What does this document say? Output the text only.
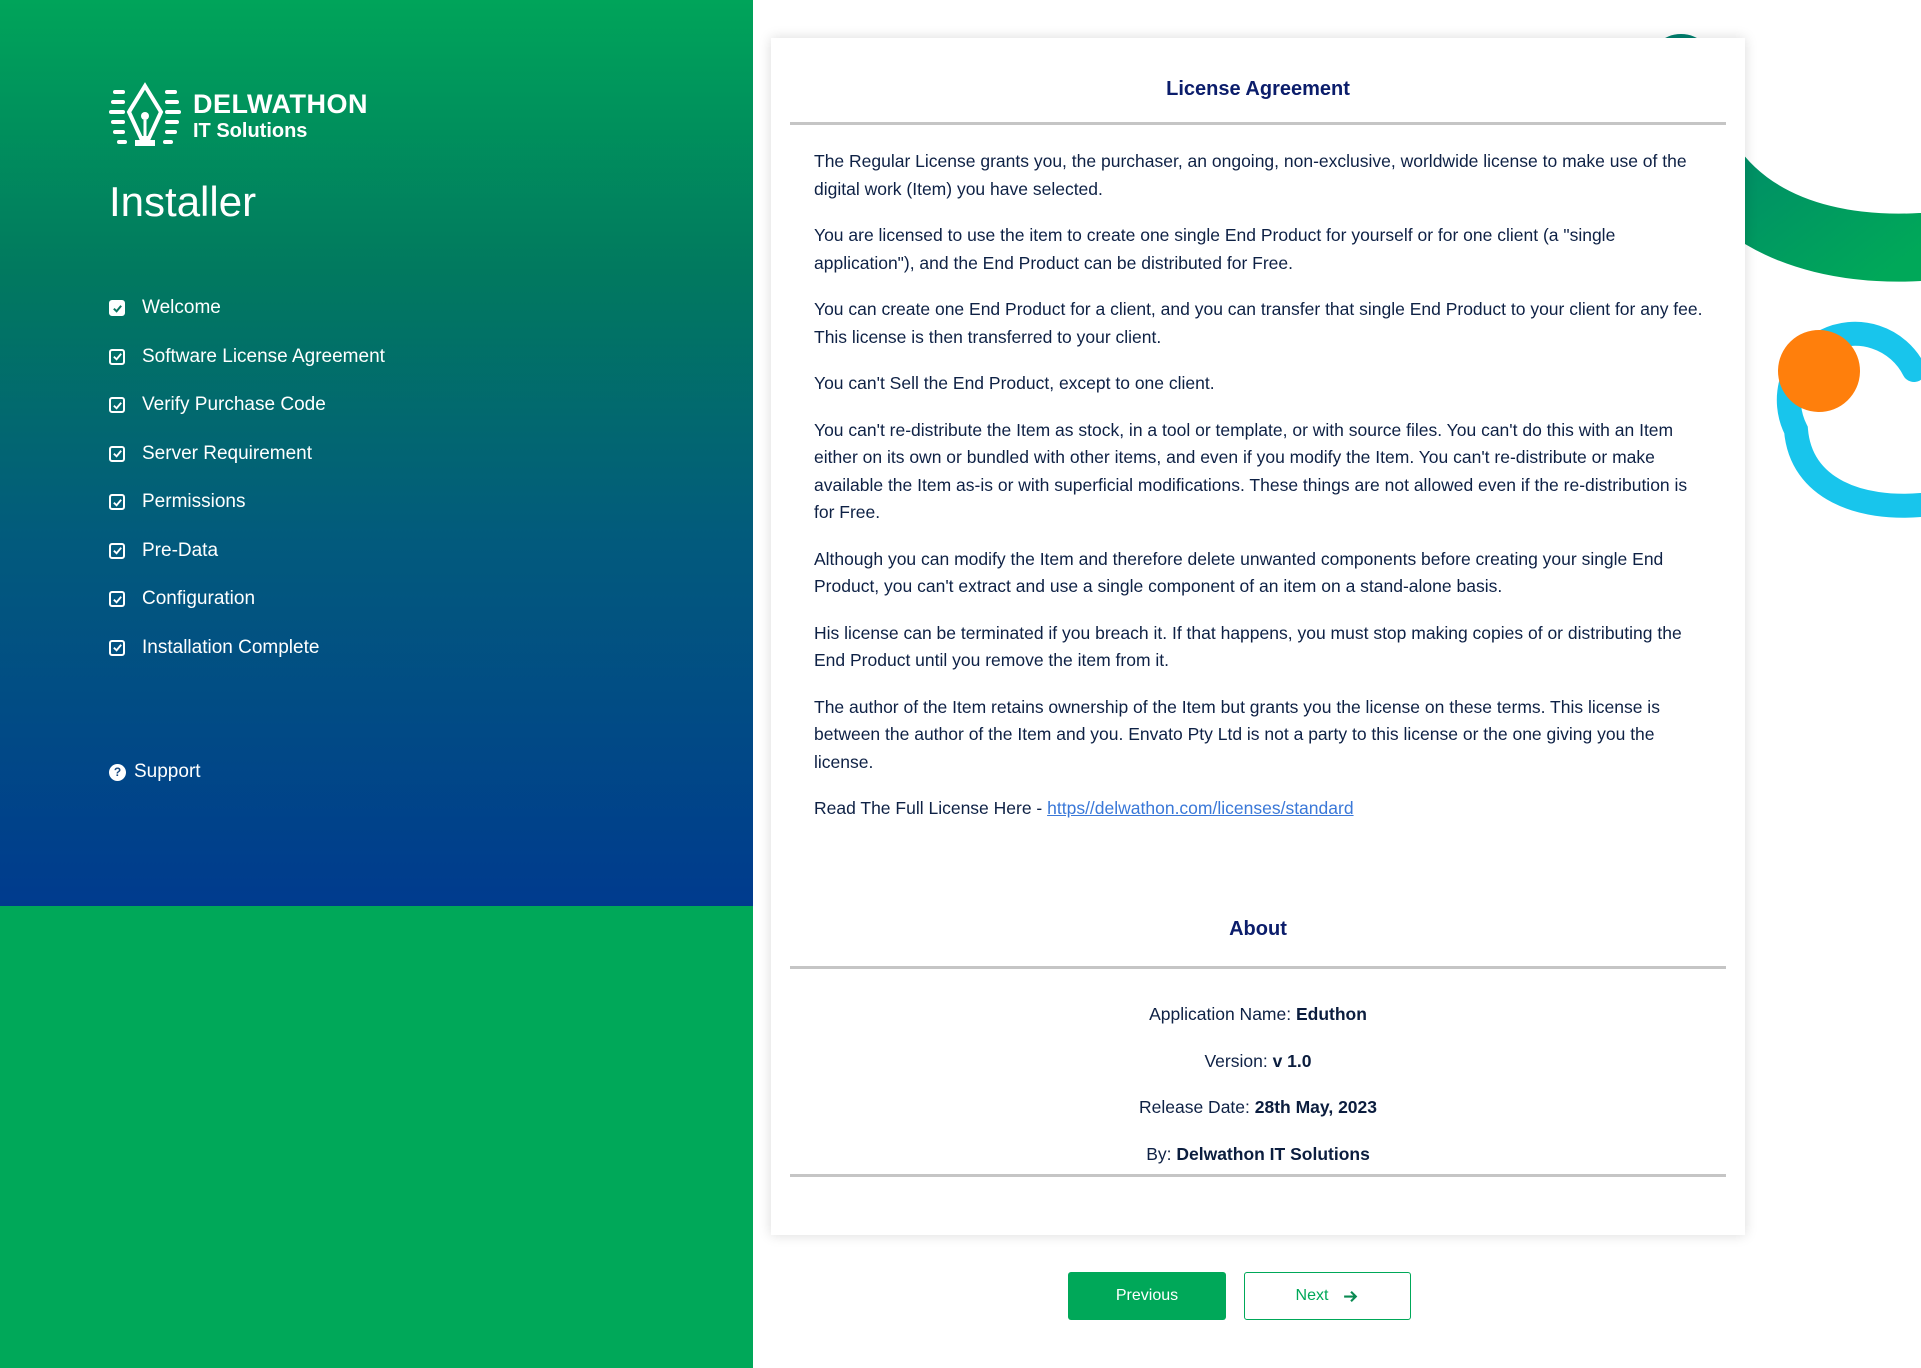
DELWATHON
IT Solutions
Installer
Welcome
Software License Agreement
Verify Purchase Code
Server Requirement
Permissions
Pre-Data
Configuration
Installation Complete
? Support
License Agreement

The Regular License grants you, the purchaser, an ongoing, non-exclusive, worldwide license to make use of the digital work (Item) you have selected.

You are licensed to use the item to create one single End Product for yourself or for one client (a "single application"), and the End Product can be distributed for Free.

You can create one End Product for a client, and you can transfer that single End Product to your client for any fee. This license is then transferred to your client.

You can't Sell the End Product, except to one client.

You can't re-distribute the Item as stock, in a tool or template, or with source files. You can't do this with an Item either on its own or bundled with other items, and even if you modify the Item. You can't re-distribute or make available the Item as-is or with superficial modifications. These things are not allowed even if the re-distribution is for Free.

Although you can modify the Item and therefore delete unwanted components before creating your single End Product, you can't extract and use a single component of an item on a stand-alone basis.

His license can be terminated if you breach it. If that happens, you must stop making copies of or distributing the End Product until you remove the item from it.

The author of the Item retains ownership of the Item but grants you the license on these terms. This license is between the author of the Item and you. Envato Pty Ltd is not a party to this license or the one giving you the license.

Read The Full License Here - https//delwathon.com/licenses/standard

About
Application Name: Eduthon
Version: v 1.0
Release Date: 28th May, 2023
By: Delwathon IT Solutions
Previous	Next
